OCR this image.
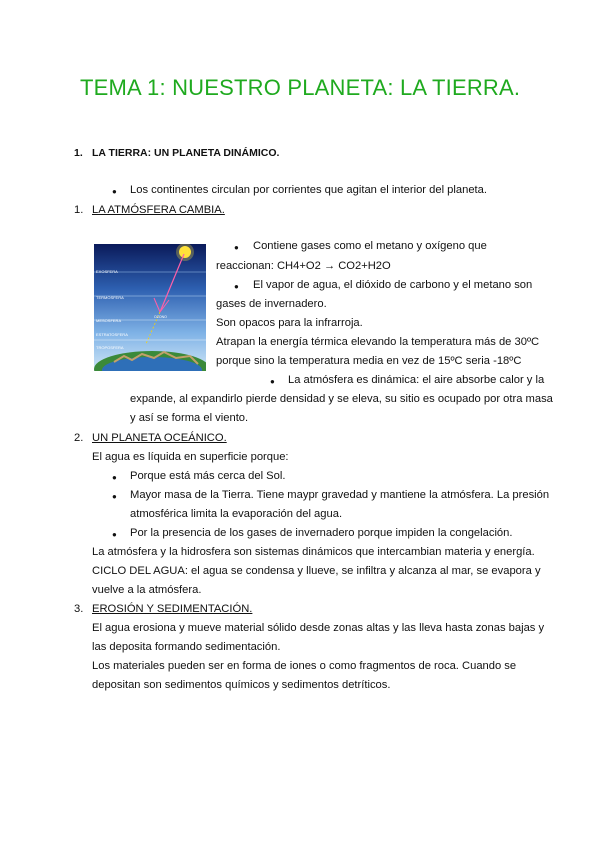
TEMA 1: NUESTRO PLANETA: LA TIERRA.
1. LA TIERRA: UN PLANETA DINÁMICO.
● Los continentes circulan por corrientes que agitan el interior del planeta.
1. LA ATMÓSFERA CAMBIA.
EXOSFERA
TERMOSFERA
MESOSFERA
ESTRATOSFERA
TROPOSFERA
OZONO
● Contiene gases como el metano y oxígeno que
reaccionan: CH4+O2 → CO2+H2O
● El vapor de agua, el dióxido de carbono y el metano son
gases de invernadero.
Son opacos para la infrarroja.
Atrapan la energía térmica elevando la temperatura más de 30ºC
porque sino la temperatura media en vez de 15ºC seria -18ºC
● La atmósfera es dinámica: el aire absorbe calor y la
expande, al expandirlo pierde densidad y se eleva, su sitio es ocupado por otra masa
y así se forma el viento.
2. UN PLANETA OCEÁNICO.
El agua es líquida en superficie porque:
● Porque está más cerca del Sol.
● Mayor masa de la Tierra. Tiene maypr gravedad y mantiene la atmósfera. La presión
atmosférica limita la evaporación del agua.
● Por la presencia de los gases de invernadero porque impiden la congelación.
La atmósfera y la hidrosfera son sistemas dinámicos que intercambian materia y energía.
CICLO DEL AGUA: el agua se condensa y llueve, se infiltra y alcanza al mar, se evapora y
vuelve a la atmósfera.
3. EROSIÓN Y SEDIMENTACIÓN.
El agua erosiona y mueve material sólido desde zonas altas y las lleva hasta zonas bajas y
las deposita formando sedimentación.
Los materiales pueden ser en forma de iones o como fragmentos de roca. Cuando se
depositan son sedimentos químicos y sedimentos detríticos.
